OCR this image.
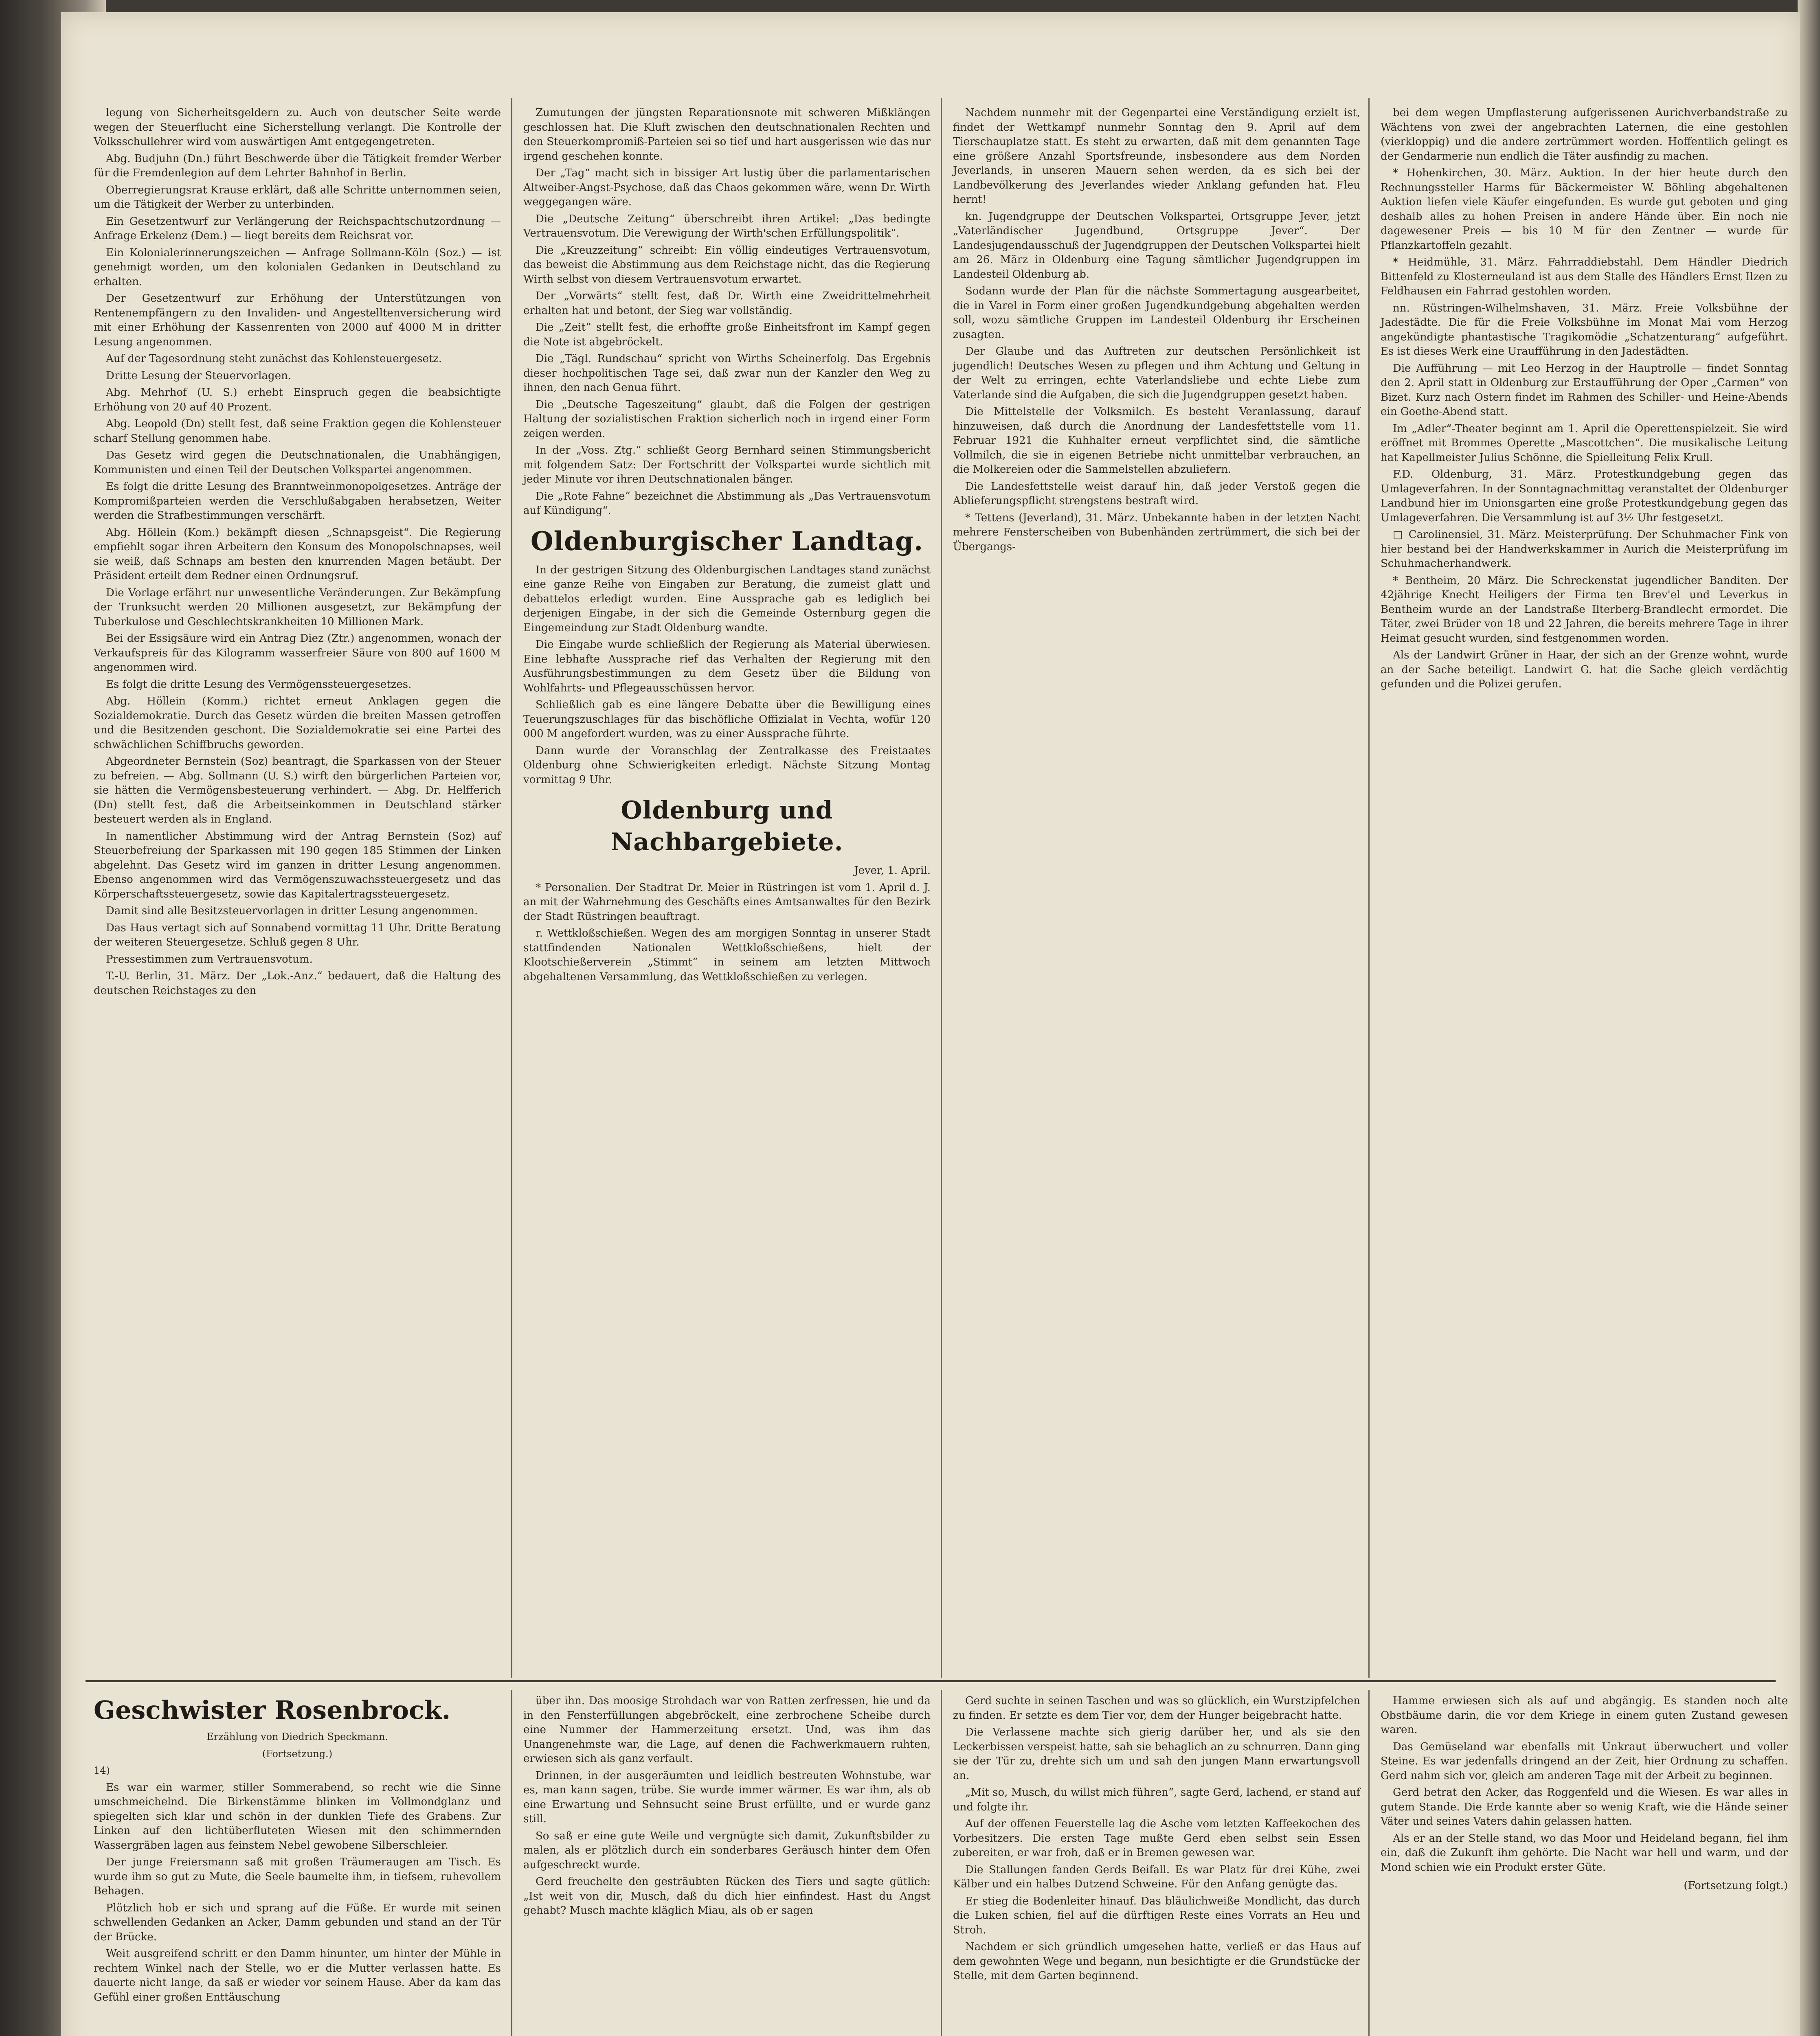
legung von Sicherheitsgeldern zu. Auch von deutscher Seite werde wegen der Steuerflucht eine Sicherstellung verlangt. Die Kontrolle der Volksschullehrer wird vom auswärtigen Amt entgegengetreten.

Abg. Budjuhn (Dn.) führt Beschwerde über die Tätigkeit fremder Werber für die Fremdenlegion auf dem Lehrter Bahnhof in Berlin.

Oberregierungsrat Krause erklärt, daß alle Schritte unternommen seien, um die Tätigkeit der Werber zu unterbinden.

Ein Gesetzentwurf zur Verlängerung der Reichspachtschutzordnung — Anfrage Erkelenz (Dem.) — liegt bereits dem Reichsrat vor.

Ein Kolonialerinnerungszeichen — Anfrage Sollmann-Köln (Soz.) — ist genehmigt worden, um den kolonialen Gedanken in Deutschland zu erhalten.

Der Gesetzentwurf zur Erhöhung der Unterstützungen von Rentenempfängern zu den Invaliden- und Angestelltenversicherung wird mit einer Erhöhung der Kassenrenten von 2000 auf 4000 M in dritter Lesung angenommen.

Auf der Tagesordnung steht zunächst das Kohlensteuergesetz.

Dritte Lesung der Steuervorlagen.

Abg. Mehrhof (U. S.) erhebt Einspruch gegen die beabsichtigte Erhöhung von 20 auf 40 Prozent.

Abg. Leopold (Dn) stellt fest, daß seine Fraktion gegen die Kohlensteuer scharf Stellung genommen habe.

Das Gesetz wird gegen die Deutschnationalen, die Unabhängigen, Kommunisten und einen Teil der Deutschen Volkspartei angenommen.

Es folgt die dritte Lesung des Branntweinmonopolgesetzes. Anträge der Kompromißparteien werden die Verschlußabgaben herabsetzen, Weiter werden die Strafbestimmungen verschärft.

Abg. Höllein (Kom.) bekämpft diesen „Schnapsgeist“. Die Regierung empfiehlt sogar ihren Arbeitern den Konsum des Monopolschnapses, weil sie weiß, daß Schnaps am besten den knurrenden Magen betäubt. Der Präsident erteilt dem Redner einen Ordnungsruf.

Die Vorlage erfährt nur unwesentliche Veränderungen. Zur Bekämpfung der Trunksucht werden 20 Millionen ausgesetzt, zur Bekämpfung der Tuberkulose und Geschlechtskrankheiten 10 Millionen Mark.

Bei der Essigsäure wird ein Antrag Diez (Ztr.) angenommen, wonach der Verkaufspreis für das Kilogramm wasserfreier Säure von 800 auf 1600 M angenommen wird.

Es folgt die dritte Lesung des Vermögenssteuergesetzes.

Abg. Höllein (Komm.) richtet erneut Anklagen gegen die Sozialdemokratie. Durch das Gesetz würden die breiten Massen getroffen und die Besitzenden geschont. Die Sozialdemokratie sei eine Partei des schwächlichen Schiffbruchs geworden.

Abgeordneter Bernstein (Soz) beantragt, die Sparkassen von der Steuer zu befreien. — Abg. Sollmann (U. S.) wirft den bürgerlichen Parteien vor, sie hätten die Vermögensbesteuerung verhindert. — Abg. Dr. Helfferich (Dn) stellt fest, daß die Arbeitseinkommen in Deutschland stärker besteuert werden als in England.

In namentlicher Abstimmung wird der Antrag Bernstein (Soz) auf Steuerbefreiung der Sparkassen mit 190 gegen 185 Stimmen der Linken abgelehnt. Das Gesetz wird im ganzen in dritter Lesung angenommen. Ebenso angenommen wird das Vermögenszuwachssteuergesetz und das Körperschaftssteuergesetz, sowie das Kapitalertragssteuergesetz.

Damit sind alle Besitzsteuervorlagen in dritter Lesung angenommen.

Das Haus vertagt sich auf Sonnabend vormittag 11 Uhr. Dritte Beratung der weiteren Steuergesetze. Schluß gegen 8 Uhr.

Pressestimmen zum Vertrauensvotum.

T.-U. Berlin, 31. März. Der „Lok.-Anz.“ bedauert, daß die Haltung des deutschen Reichstages zu den

Zumutungen der jüngsten Reparationsnote mit schweren Mißklängen geschlossen hat. Die Kluft zwischen den deutschnationalen Rechten und den Steuerkompromiß-Parteien sei so tief und hart ausgerissen wie das nur irgend geschehen konnte.

Der „Tag“ macht sich in bissiger Art lustig über die parlamentarischen Altweiber-Angst-Psychose, daß das Chaos gekommen wäre, wenn Dr. Wirth weggegangen wäre.

Die „Deutsche Zeitung“ überschreibt ihren Artikel: „Das bedingte Vertrauensvotum. Die Verewigung der Wirth'schen Erfüllungspolitik“.

Die „Kreuzzeitung“ schreibt: Ein völlig eindeutiges Vertrauensvotum, das beweist die Abstimmung aus dem Reichstage nicht, das die Regierung Wirth selbst von diesem Vertrauensvotum erwartet.

Der „Vorwärts“ stellt fest, daß Dr. Wirth eine Zweidrittelmehrheit erhalten hat und betont, der Sieg war vollständig.

Die „Zeit“ stellt fest, die erhoffte große Einheitsfront im Kampf gegen die Note ist abgebröckelt.

Die „Tägl. Rundschau“ spricht von Wirths Scheinerfolg. Das Ergebnis dieser hochpolitischen Tage sei, daß zwar nun der Kanzler den Weg zu ihnen, den nach Genua führt.

Die „Deutsche Tageszeitung“ glaubt, daß die Folgen der gestrigen Haltung der sozialistischen Fraktion sicherlich noch in irgend einer Form zeigen werden.

In der „Voss. Ztg.“ schließt Georg Bernhard seinen Stimmungsbericht mit folgendem Satz: Der Fortschritt der Volkspartei wurde sichtlich mit jeder Minute vor ihren Deutschnationalen bänger.

Die „Rote Fahne“ bezeichnet die Abstimmung als „Das Vertrauensvotum auf Kündigung“.

Oldenburgischer Landtag.

In der gestrigen Sitzung des Oldenburgischen Landtages stand zunächst eine ganze Reihe von Eingaben zur Beratung, die zumeist glatt und debattelos erledigt wurden. Eine Aussprache gab es lediglich bei derjenigen Eingabe, in der sich die Gemeinde Osternburg gegen die Eingemeindung zur Stadt Oldenburg wandte.

Die Eingabe wurde schließlich der Regierung als Material überwiesen. Eine lebhafte Aussprache rief das Verhalten der Regierung mit den Ausführungsbestimmungen zu dem Gesetz über die Bildung von Wohlfahrts- und Pflegeausschüssen hervor.

Schließlich gab es eine längere Debatte über die Bewilligung eines Teuerungszuschlages für das bischöfliche Offizialat in Vechta, wofür 120 000 M angefordert wurden, was zu einer Aussprache führte.

Dann wurde der Voranschlag der Zentralkasse des Freistaates Oldenburg ohne Schwierigkeiten erledigt. Nächste Sitzung Montag vormittag 9 Uhr.

Oldenburg und Nachbargebiete.
Jever, 1. April.

* Personalien. Der Stadtrat Dr. Meier in Rüstringen ist vom 1. April d. J. an mit der Wahrnehmung des Geschäfts eines Amtsanwaltes für den Bezirk der Stadt Rüstringen beauftragt.

r. Wettkloßschießen. Wegen des am morgigen Sonntag in unserer Stadt stattfindenden Nationalen Wettkloßschießens, hielt der Klootschießerverein „Stimmt“ in seinem am letzten Mittwoch abgehaltenen Versammlung, das Wettkloßschießen zu verlegen.

Nachdem nunmehr mit der Gegenpartei eine Verständigung erzielt ist, findet der Wettkampf nunmehr Sonntag den 9. April auf dem Tierschauplatze statt. Es steht zu erwarten, daß mit dem genannten Tage eine größere Anzahl Sportsfreunde, insbesondere aus dem Norden Jeverlands, in unseren Mauern sehen werden, da es sich bei der Landbevölkerung des Jeverlandes wieder Anklang gefunden hat. Fleu hernt!

kn. Jugendgruppe der Deutschen Volkspartei, Ortsgruppe Jever, jetzt „Vaterländischer Jugendbund, Ortsgruppe Jever“. Der Landesjugendausschuß der Jugendgruppen der Deutschen Volkspartei hielt am 26. März in Oldenburg eine Tagung sämtlicher Jugendgruppen im Landesteil Oldenburg ab.

Sodann wurde der Plan für die nächste Sommertagung ausgearbeitet, die in Varel in Form einer großen Jugendkundgebung abgehalten werden soll, wozu sämtliche Gruppen im Landesteil Oldenburg ihr Erscheinen zusagten.

Der Glaube und das Auftreten zur deutschen Persönlichkeit ist jugendlich! Deutsches Wesen zu pflegen und ihm Achtung und Geltung in der Welt zu erringen, echte Vaterlandsliebe und echte Liebe zum Vaterlande sind die Aufgaben, die sich die Jugendgruppen gesetzt haben.

Die Mittelstelle der Volksmilch. Es besteht Veranlassung, darauf hinzuweisen, daß durch die Anordnung der Landesfettstelle vom 11. Februar 1921 die Kuhhalter erneut verpflichtet sind, die sämtliche Vollmilch, die sie in eigenen Betriebe nicht unmittelbar verbrauchen, an die Molkereien oder die Sammelstellen abzuliefern.

Die Landesfettstelle weist darauf hin, daß jeder Verstoß gegen die Ablieferungspflicht strengstens bestraft wird.

* Tettens (Jeverland), 31. März. Unbekannte haben in der letzten Nacht mehrere Fensterscheiben von Bubenhänden zertrümmert, die sich bei der Übergangs-

bei dem wegen Umpflasterung aufgerissenen Aurichverbandstraße zu Wächtens von zwei der angebrachten Laternen, die eine gestohlen (vierkloppig) und die andere zertrümmert worden. Hoffentlich gelingt es der Gendarmerie nun endlich die Täter ausfindig zu machen.

* Hohenkirchen, 30. März. Auktion. In der hier heute durch den Rechnungssteller Harms für Bäckermeister W. Böhling abgehaltenen Auktion liefen viele Käufer eingefunden. Es wurde gut geboten und ging deshalb alles zu hohen Preisen in andere Hände über. Ein noch nie dagewesener Preis — bis 10 M für den Zentner — wurde für Pflanzkartoffeln gezahlt.

* Heidmühle, 31. März. Fahrraddiebstahl. Dem Händler Diedrich Bittenfeld zu Klosterneuland ist aus dem Stalle des Händlers Ernst Ilzen zu Feldhausen ein Fahrrad gestohlen worden.

nn. Rüstringen-Wilhelmshaven, 31. März. Freie Volksbühne der Jadestädte. Die für die Freie Volksbühne im Monat Mai vom Herzog angekündigte phantastische Tragikomödie „Schatzenturang“ aufgeführt. Es ist dieses Werk eine Uraufführung in den Jadestädten.

Die Aufführung — mit Leo Herzog in der Hauptrolle — findet Sonntag den 2. April statt in Oldenburg zur Erstaufführung der Oper „Carmen“ von Bizet. Kurz nach Ostern findet im Rahmen des Schiller- und Heine-Abends ein Goethe-Abend statt.

Im „Adler“-Theater beginnt am 1. April die Operettenspielzeit. Sie wird eröffnet mit Brommes Operette „Mascottchen“. Die musikalische Leitung hat Kapellmeister Julius Schönne, die Spielleitung Felix Krull.

F.D. Oldenburg, 31. März. Protestkundgebung gegen das Umlageverfahren. In der Sonntagnachmittag veranstaltet der Oldenburger Landbund hier im Unionsgarten eine große Protestkundgebung gegen das Umlageverfahren. Die Versammlung ist auf 3½ Uhr festgesetzt.

□ Carolinensiel, 31. März. Meisterprüfung. Der Schuhmacher Fink von hier bestand bei der Handwerkskammer in Aurich die Meisterprüfung im Schuhmacherhandwerk.

* Bentheim, 20 März. Die Schreckenstat jugendlicher Banditen. Der 42jährige Knecht Heiligers der Firma ten Brev'el und Leverkus in Bentheim wurde an der Landstraße Ilterberg-Brandlecht ermordet. Die Täter, zwei Brüder von 18 und 22 Jahren, die bereits mehrere Tage in ihrer Heimat gesucht wurden, sind festgenommen worden.

Als der Landwirt Grüner in Haar, der sich an der Grenze wohnt, wurde an der Sache beteiligt. Landwirt G. hat die Sache gleich verdächtig gefunden und die Polizei gerufen.

Geschwister Rosenbrock.

Erzählung von Diedrich Speckmann.

(Fortsetzung.)

14)

Es war ein warmer, stiller Sommerabend, so recht wie die Sinne umschmeichelnd. Die Birkenstämme blinken im Vollmondglanz und spiegelten sich klar und schön in der dunklen Tiefe des Grabens. Zur Linken auf den lichtüberfluteten Wiesen mit den schimmernden Wassergräben lagen aus feinstem Nebel gewobene Silberschleier.

Der junge Freiersmann saß mit großen Träumeraugen am Tisch. Es wurde ihm so gut zu Mute, die Seele baumelte ihm, in tiefsem, ruhevollem Behagen.

Plötzlich hob er sich und sprang auf die Füße. Er wurde mit seinen schwellenden Gedanken an Acker, Damm gebunden und stand an der Tür der Brücke.

Weit ausgreifend schritt er den Damm hinunter, um hinter der Mühle in rechtem Winkel nach der Stelle, wo er die Mutter verlassen hatte. Es dauerte nicht lange, da saß er wieder vor seinem Hause. Aber da kam das Gefühl einer großen Enttäuschung

über ihn. Das moosige Strohdach war von Ratten zerfressen, hie und da in den Fensterfüllungen abgebröckelt, eine zerbrochene Scheibe durch eine Nummer der Hammerzeitung ersetzt. Und, was ihm das Unangenehmste war, die Lage, auf denen die Fachwerkmauern ruhten, erwiesen sich als ganz verfault.

Drinnen, in der ausgeräumten und leidlich bestreuten Wohnstube, war es, man kann sagen, trübe. Sie wurde immer wärmer. Es war ihm, als ob eine Erwartung und Sehnsucht seine Brust erfüllte, und er wurde ganz still.

So saß er eine gute Weile und vergnügte sich damit, Zukunftsbilder zu malen, als er plötzlich durch ein sonderbares Geräusch hinter dem Ofen aufgeschreckt wurde.

Gerd freuchelte den gesträubten Rücken des Tiers und sagte gütlich: „Ist weit von dir, Musch, daß du dich hier einfindest. Hast du Angst gehabt? Musch machte kläglich Miau, als ob er sagen

Gerd suchte in seinen Taschen und was so glücklich, ein Wurstzipfelchen zu finden. Er setzte es dem Tier vor, dem der Hunger beigebracht hatte.

Die Verlassene machte sich gierig darüber her, und als sie den Leckerbissen verspeist hatte, sah sie behaglich an zu schnurren. Dann ging sie der Tür zu, drehte sich um und sah den jungen Mann erwartungsvoll an.

„Mit so, Musch, du willst mich führen“, sagte Gerd, lachend, er stand auf und folgte ihr.

Auf der offenen Feuerstelle lag die Asche vom letzten Kaffeekochen des Vorbesitzers. Die ersten Tage mußte Gerd eben selbst sein Essen zubereiten, er war froh, daß er in Bremen gewesen war.

Die Stallungen fanden Gerds Beifall. Es war Platz für drei Kühe, zwei Kälber und ein halbes Dutzend Schweine. Für den Anfang genügte das.

Er stieg die Bodenleiter hinauf. Das bläulichweiße Mondlicht, das durch die Luken schien, fiel auf die dürftigen Reste eines Vorrats an Heu und Stroh.

Nachdem er sich gründlich umgesehen hatte, verließ er das Haus auf dem gewohnten Wege und begann, nun besichtigte er die Grundstücke der Stelle, mit dem Garten beginnend.

Hamme erwiesen sich als auf und abgängig. Es standen noch alte Obstbäume darin, die vor dem Kriege in einem guten Zustand gewesen waren.

Das Gemüseland war ebenfalls mit Unkraut überwuchert und voller Steine. Es war jedenfalls dringend an der Zeit, hier Ordnung zu schaffen. Gerd nahm sich vor, gleich am anderen Tage mit der Arbeit zu beginnen.

Gerd betrat den Acker, das Roggenfeld und die Wiesen. Es war alles in gutem Stande. Die Erde kannte aber so wenig Kraft, wie die Hände seiner Väter und seines Vaters dahin gelassen hatten.

Als er an der Stelle stand, wo das Moor und Heideland begann, fiel ihm ein, daß die Zukunft ihm gehörte. Die Nacht war hell und warm, und der Mond schien wie ein Produkt erster Güte.

(Fortsetzung folgt.)
